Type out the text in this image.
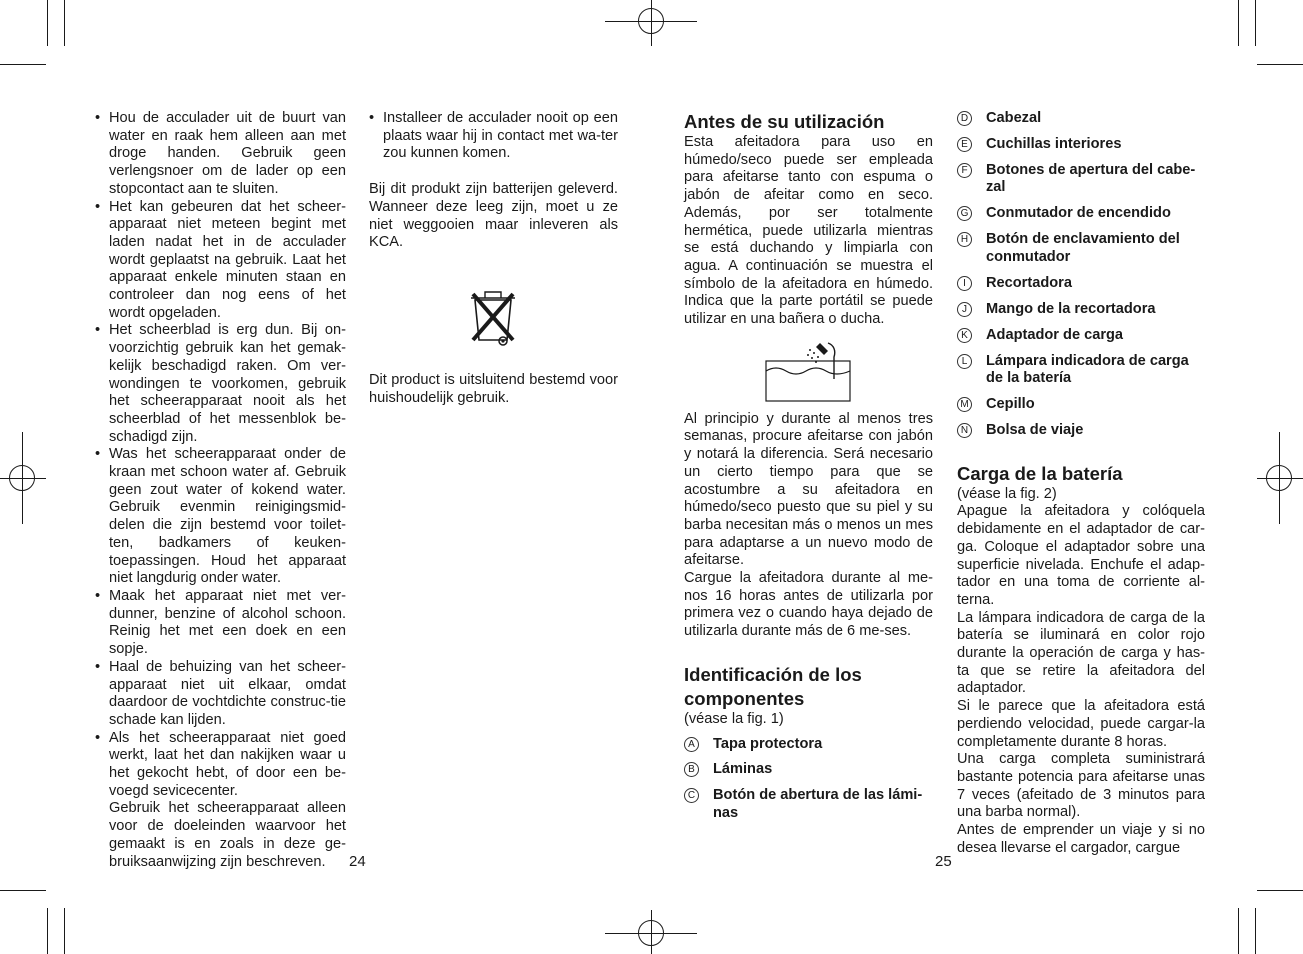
• Hou de acculader uit de buurt van water en raak hem alleen aan met droge handen. Gebruik geen verlengsnoer om de lader op een stopcontact aan te sluiten.
• Het kan gebeuren dat het scheer-apparaat niet meteen begint met laden nadat het in de acculader wordt geplaatst na gebruik. Laat het apparaat enkele minuten staan en controleer dan nog eens of het wordt opgeladen.
• Het scheerblad is erg dun. Bij on-voorzichtig gebruik kan het gemak-kelijk beschadigd raken. Om ver-wondingen te voorkomen, gebruik het scheerapparaat nooit als het scheerblad of het messenblok be-schadigd zijn.
• Was het scheerapparaat onder de kraan met schoon water af. Gebruik geen zout water of kokend water. Gebruik evenmin reinigingsmid-delen die zijn bestemd voor toilet-ten, badkamers of keuken-toepassingen. Houd het apparaat niet langdurig onder water.
• Maak het apparaat niet met ver-dunner, benzine of alcohol schoon. Reinig het met een doek en een sopje.
• Haal de behuizing van het scheer-apparaat niet uit elkaar, omdat daardoor de vochtdichte construc-tie schade kan lijden.
• Als het scheerapparaat niet goed werkt, laat het dan nakijken waar u het gekocht hebt, of door een be-voegd sevicecenter.

Gebruik het scheerapparaat alleen voor de doeleinden waarvoor het gemaakt is en zoals in deze ge-bruiksaanwijzing zijn beschreven.

• Installeer de acculader nooit op een plaats waar hij in contact met wa-ter zou kunnen komen.

Bij dit produkt zijn batterijen geleverd. Wanneer deze leeg zijn, moet u ze niet weggooien maar inleveren als KCA.

Dit product is uitsluitend bestemd voor huishoudelijk gebruik.

Antes de su utilización

Esta afeitadora para uso en húmedo/seco puede ser empleada para afeitarse tanto con espuma o jabón de afeitar como en seco. Además, por ser totalmente hermética, puede utilizarla mientras se está duchando y limpiarla con agua. A continuación se muestra el símbolo de la afeitadora en húmedo. Indica que la parte portátil se puede utilizar en una bañera o ducha.

Al principio y durante al menos tres semanas, procure afeitarse con jabón y notará la diferencia. Será necesario un cierto tiempo para que se acostumbre a su afeitadora en húmedo/seco puesto que su piel y su barba necesitan más o menos un mes para adaptarse a un nuevo modo de afeitarse.

Cargue la afeitadora durante al me-nos 16 horas antes de utilizarla por primera vez o cuando haya dejado de utilizarla durante más de 6 me-ses.

Identificación de los
componentes

(véase la fig. 1)

A Tapa protectora
B Láminas
C Botón de abertura de las lámi-nas
D Cabezal
E Cuchillas interiores
F	Botones de apertura del cabe-zal
G Conmutador de encendido
H Botón de enclavamiento del conmutador
I	Recortadora
J	Mango de la recortadora
K Adaptador de carga
L	Lámpara indicadora de carga de la batería
M Cepillo
N Bolsa de viaje
Carga de la batería

(véase la fig. 2)

Apague la afeitadora y colóquela debidamente en el adaptador de car-ga. Coloque el adaptador sobre una superficie nivelada. Enchufe el adap-tador en una toma de corriente al-terna.

La lámpara indicadora de carga de la batería se iluminará en color rojo durante la operación de carga y has-ta que se retire la afeitadora del adaptador.

Si le parece que la afeitadora está perdiendo velocidad, puede cargar-la completamente durante 8 horas.

Una carga completa suministrará bastante potencia para afeitarse unas 7 veces (afeitado de 3 minutos para una barba normal).

Antes de emprender un viaje y si no desea llevarse el cargador, cargue

24	25
